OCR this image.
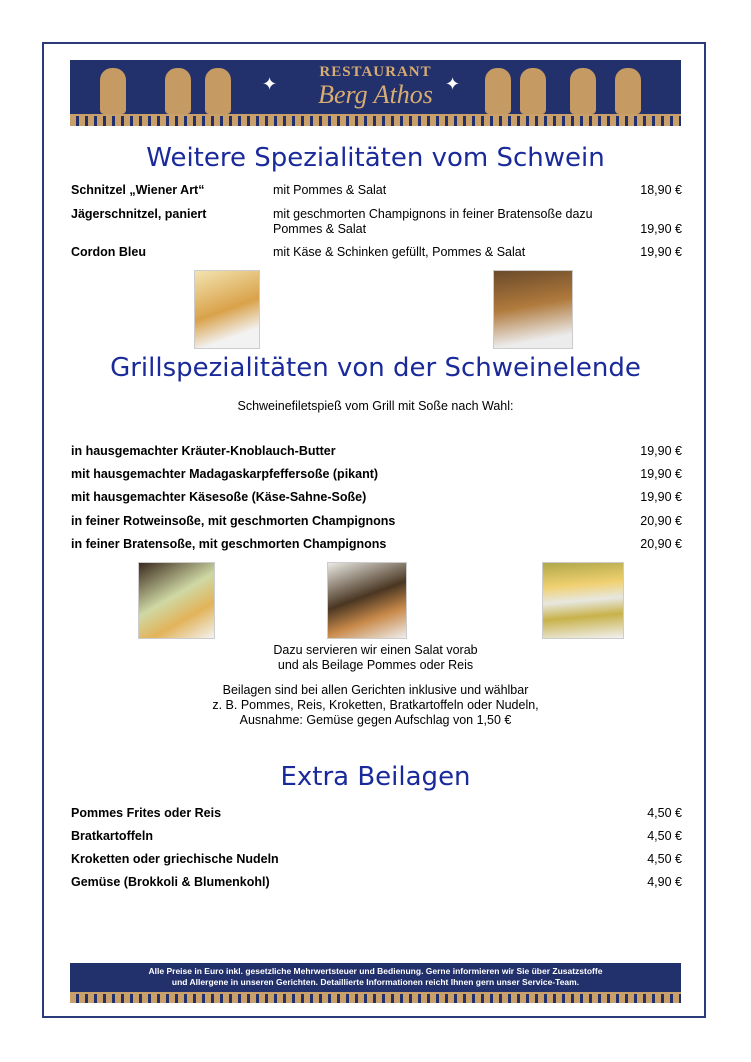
✦
RESTAURANT
Berg Athos ✦
Weitere Spezialitäten vom Schwein
Schnitzel „Wiener Art“	mit Pommes & Salat	18,90 €
Jägerschnitzel, paniert	mit geschmorten Champignons in feiner Bratensoße dazu Pommes & Salat	19,90 €
Cordon Bleu	mit Käse & Schinken gefüllt, Pommes & Salat	19,90 €
Grillspezialitäten von der Schweinelende
Schweinefiletspieß vom Grill mit Soße nach Wahl:
in hausgemachter Kräuter-Knoblauch-Butter	19,90 €
mit hausgemachter Madagaskarpfeffersoße (pikant)	19,90 €
mit hausgemachter Käsesoße (Käse-Sahne-Soße)	19,90 €
in feiner Rotweinsoße, mit geschmorten Champignons	20,90 €
in feiner Bratensoße, mit geschmorten Champignons	20,90 €
Dazu servieren wir einen Salat vorab
und als Beilage Pommes oder Reis
Beilagen sind bei allen Gerichten inklusive und wählbar
z. B. Pommes, Reis, Kroketten, Bratkartoffeln oder Nudeln,
Ausnahme: Gemüse gegen Aufschlag von 1,50 €
Extra Beilagen
Pommes Frites oder Reis	4,50 €
Bratkartoffeln	4,50 €
Kroketten oder griechische Nudeln	4,50 €
Gemüse (Brokkoli & Blumenkohl)	4,90 €
Alle Preise in Euro inkl. gesetzliche Mehrwertsteuer und Bedienung. Gerne informieren wir Sie über Zusatzstoffe
und Allergene in unseren Gerichten. Detaillierte Informationen reicht Ihnen gern unser Service-Team.
